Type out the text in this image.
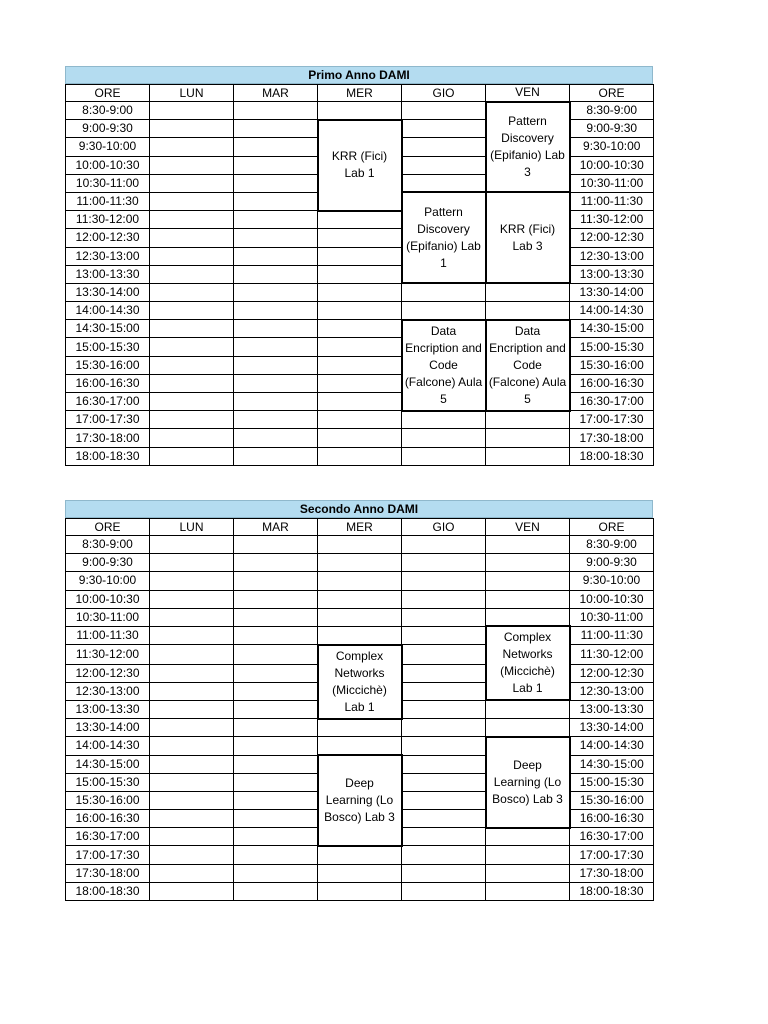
Primo Anno DAMI
ORE	LUN	MAR	MER	GIO	VEN	ORE
8:30-9:00					Pattern Discovery (Epifanio) Lab 3	8:30-9:00
9:00-9:30			KRR (Fici) Lab 1			9:00-9:30
9:30-10:00						9:30-10:00
10:00-10:30						10:00-10:30
10:30-11:00						10:30-11:00
11:00-11:30				Pattern Discovery (Epifanio) Lab 1	KRR (Fici) Lab 3	11:00-11:30
11:30-12:00						11:30-12:00
12:00-12:30						12:00-12:30
12:30-13:00						12:30-13:00
13:00-13:30						13:00-13:30
13:30-14:00						13:30-14:00
14:00-14:30						14:00-14:30
14:30-15:00				Data Encription and Code (Falcone) Aula 5	Data Encription and Code (Falcone) Aula 5	14:30-15:00
15:00-15:30						15:00-15:30
15:30-16:00						15:30-16:00
16:00-16:30						16:00-16:30
16:30-17:00						16:30-17:00
17:00-17:30						17:00-17:30
17:30-18:00						17:30-18:00
18:00-18:30						18:00-18:30
Secondo Anno DAMI
ORE	LUN	MAR	MER	GIO	VEN	ORE
8:30-9:00						8:30-9:00
9:00-9:30						9:00-9:30
9:30-10:00						9:30-10:00
10:00-10:30						10:00-10:30
10:30-11:00						10:30-11:00
11:00-11:30					Complex Networks (Miccichè) Lab 1	11:00-11:30
11:30-12:00			Complex Networks (Miccichè) Lab 1			11:30-12:00
12:00-12:30						12:00-12:30
12:30-13:00						12:30-13:00
13:00-13:30						13:00-13:30
13:30-14:00						13:30-14:00
14:00-14:30					Deep Learning (Lo Bosco) Lab 3	14:00-14:30
14:30-15:00			Deep Learning (Lo Bosco) Lab 3			14:30-15:00
15:00-15:30						15:00-15:30
15:30-16:00						15:30-16:00
16:00-16:30						16:00-16:30
16:30-17:00						16:30-17:00
17:00-17:30						17:00-17:30
17:30-18:00						17:30-18:00
18:00-18:30						18:00-18:30
